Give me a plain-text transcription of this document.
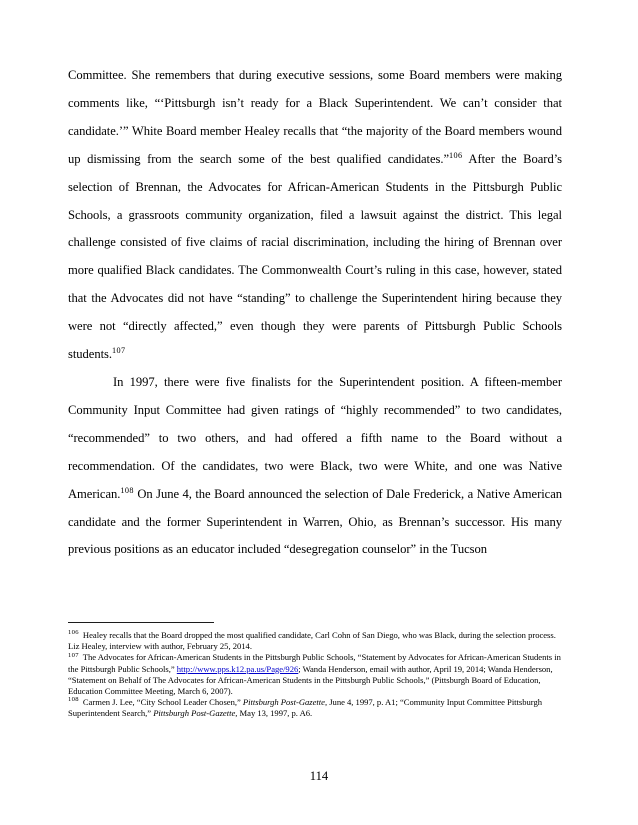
Committee. She remembers that during executive sessions, some Board members were making comments like, “‘Pittsburgh isn’t ready for a Black Superintendent. We can’t consider that candidate.’” White Board member Healey recalls that “the majority of the Board members wound up dismissing from the search some of the best qualified candidates.”$^{106}$ After the Board’s selection of Brennan, the Advocates for African-American Students in the Pittsburgh Public Schools, a grassroots community organization, filed a lawsuit against the district. This legal challenge consisted of five claims of racial discrimination, including the hiring of Brennan over more qualified Black candidates. The Commonwealth Court’s ruling in this case, however, stated that the Advocates did not have “standing” to challenge the Superintendent hiring because they were not “directly affected,” even though they were parents of Pittsburgh Public Schools students.$^{107}$

In 1997, there were five finalists for the Superintendent position. A fifteen-member Community Input Committee had given ratings of “highly recommended” to two candidates, “recommended” to two others, and had offered a fifth name to the Board without a recommendation. Of the candidates, two were Black, two were White, and one was Native American.$^{108}$ On June 4, the Board announced the selection of Dale Frederick, a Native American candidate and the former Superintendent in Warren, Ohio, as Brennan’s successor. His many previous positions as an educator included “desegregation counselor” in the Tucson

$^{106}$ Healey recalls that the Board dropped the most qualified candidate, Carl Cohn of San Diego, who was Black, during the selection process. Liz Healey, interview with author, February 25, 2014.

$^{107}$ The Advocates for African-American Students in the Pittsburgh Public Schools, “Statement by Advocates for African-American Students in the Pittsburgh Public Schools,” http://www.pps.k12.pa.us/Page/926; Wanda Henderson, email with author, April 19, 2014; Wanda Henderson, “Statement on Behalf of The Advocates for African-American Students in the Pittsburgh Public Schools,” (Pittsburgh Board of Education, Education Committee Meeting, March 6, 2007).

$^{108}$ Carmen J. Lee, “City School Leader Chosen,” Pittsburgh Post-Gazette, June 4, 1997, p. A1; “Community Input Committee Pittsburgh Superintendent Search,” Pittsburgh Post-Gazette, May 13, 1997, p. A6.

114
